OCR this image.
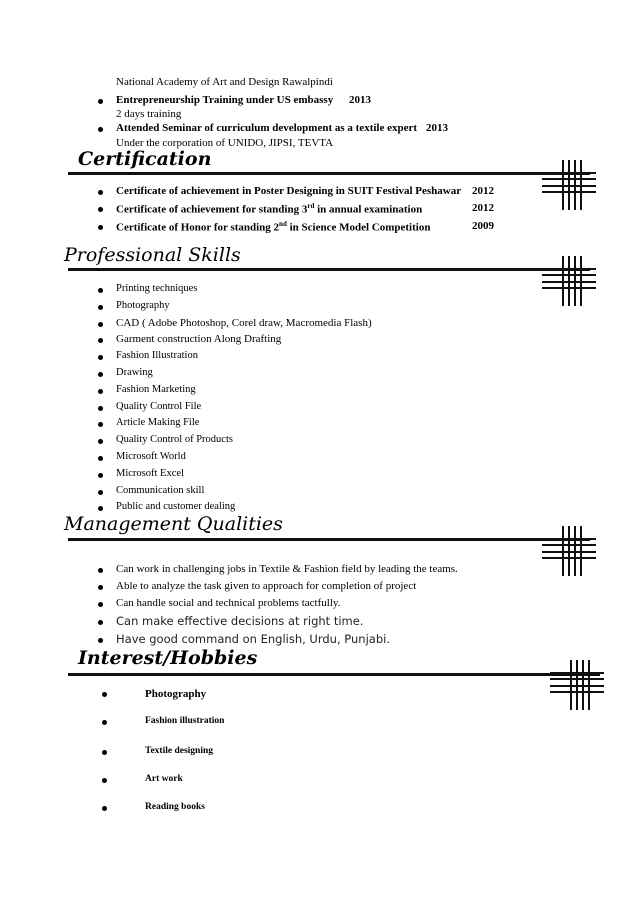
National Academy of Art and Design Rawalpindi
Entrepreneurship Training under US embassy 2013
2 days training
Attended Seminar of curriculum development as a textile expert 2013
Under the corporation of UNIDO, JIPSI, TEVTA
Certification
Certificate of achievement in Poster Designing in SUIT Festival Peshawar 2012
Certificate of achievement for standing 3rd in annual examination	2012
Certificate of Honor for standing 2nd in Science Model Competition	2009
Professional Skills
Printing techniques
Photography
CAD ( Adobe Photoshop, Corel draw, Macromedia Flash)
Garment construction Along Drafting
Fashion Illustration
Drawing
Fashion Marketing
Quality Control File
Article Making File
Quality Control of Products
Microsoft World
Microsoft Excel
Communication skill
Public and customer dealing
Management Qualities
Can work in challenging jobs in Textile & Fashion field by leading the teams.
Able to analyze the task given to approach for completion of project
Can handle social and technical problems tactfully.
Can make effective decisions at right time.
Have good command on English, Urdu, Punjabi.
Interest/Hobbies
Photography
Fashion illustration
Textile designing
Art work
Reading books
